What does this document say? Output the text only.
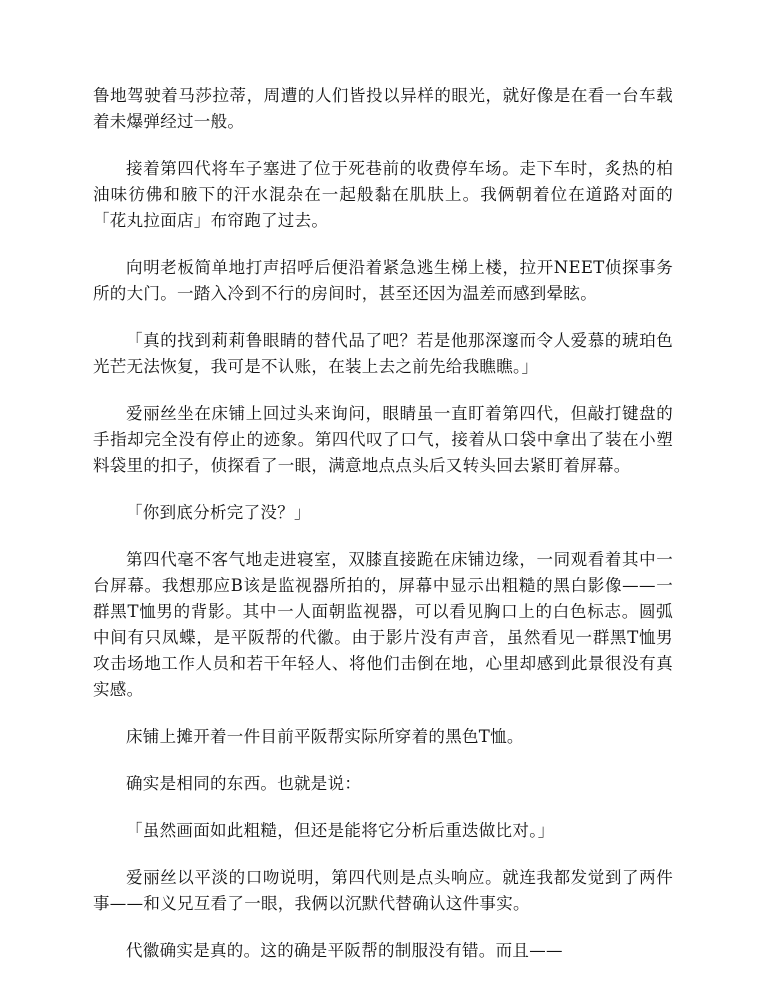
鲁地驾驶着马莎拉蒂，周遭的人们皆投以异样的眼光，就好像是在看一台车载着未爆弹经过一般。

接着第四代将车子塞进了位于死巷前的收费停车场。走下车时，炙热的柏油味彷佛和腋下的汗水混杂在一起般黏在肌肤上。我俩朝着位在道路对面的「花丸拉面店」布帘跑了过去。

向明老板简单地打声招呼后便沿着紧急逃生梯上楼，拉开NEET侦探事务所的大门。一踏入冷到不行的房间时，甚至还因为温差而感到晕眩。

「真的找到莉莉鲁眼睛的替代品了吧？若是他那深邃而令人爱慕的琥珀色光芒无法恢复，我可是不认账，在装上去之前先给我瞧瞧。」

爱丽丝坐在床铺上回过头来询问，眼睛虽一直盯着第四代，但敲打键盘的手指却完全没有停止的迹象。第四代叹了口气，接着从口袋中拿出了装在小塑料袋里的扣子，侦探看了一眼，满意地点点头后又转头回去紧盯着屏幕。

「你到底分析完了没？」

第四代毫不客气地走进寝室，双膝直接跪在床铺边缘，一同观看着其中一台屏幕。我想那应B该是监视器所拍的，屏幕中显示出粗糙的黑白影像——一群黑T恤男的背影。其中一人面朝监视器，可以看见胸口上的白色标志。圆弧中间有只凤蝶，是平阪帮的代徽。由于影片没有声音，虽然看见一群黑T恤男攻击场地工作人员和若干年轻人、将他们击倒在地，心里却感到此景很没有真实感。

床铺上摊开着一件目前平阪帮实际所穿着的黑色T恤。

确实是相同的东西。也就是说：

「虽然画面如此粗糙，但还是能将它分析后重迭做比对。」

爱丽丝以平淡的口吻说明，第四代则是点头响应。就连我都发觉到了两件事——和义兄互看了一眼，我俩以沉默代替确认这件事实。

代徽确实是真的。这的确是平阪帮的制服没有错。而且——
